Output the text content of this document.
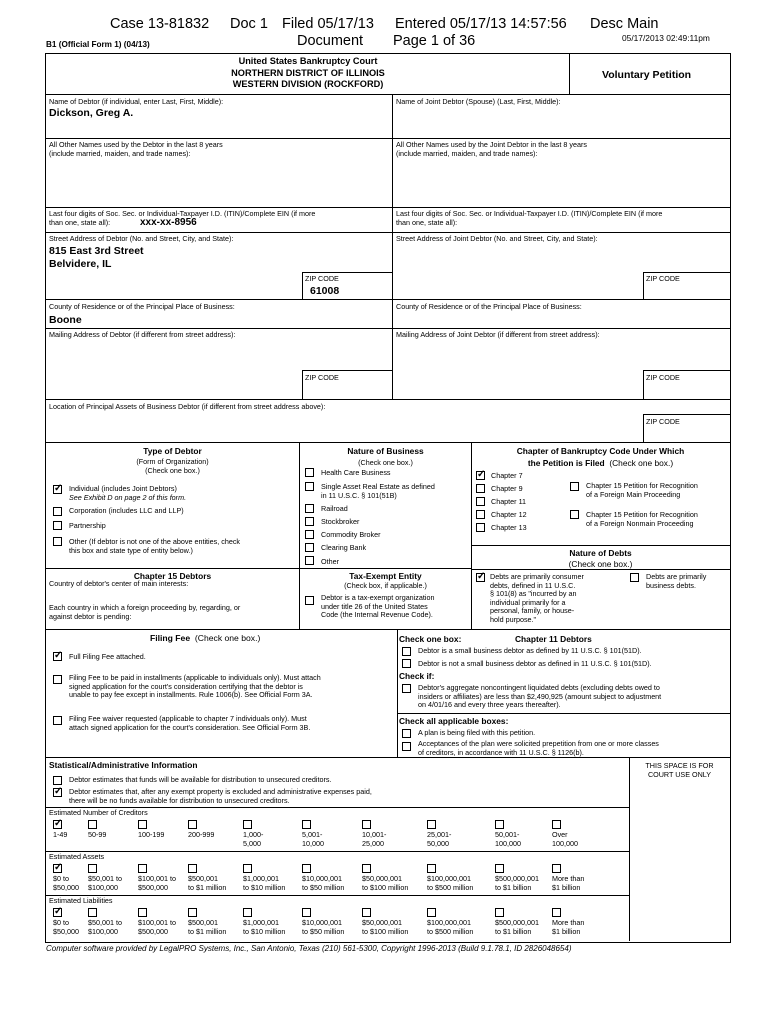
Case 13-81832 Doc 1 Filed 05/17/13 Entered 05/17/13 14:57:56 Desc Main
Document Page 1 of 36
B1 (Official Form 1) (04/13)
05/17/2013 02:49:11pm
United States Bankruptcy Court
NORTHERN DISTRICT OF ILLINOIS
WESTERN DIVISION (ROCKFORD)
Voluntary Petition
Name of Debtor (if individual, enter Last, First, Middle):
Dickson, Greg A.
Name of Joint Debtor (Spouse) (Last, First, Middle):
All Other Names used by the Debtor in the last 8 years
(include married, maiden, and trade names):
All Other Names used by the Joint Debtor in the last 8 years
(include married, maiden, and trade names):
Last four digits of Soc. Sec. or Individual-Taxpayer I.D. (ITIN)/Complete EIN (if more
than one, state all):	xxx-xx-8956
Last four digits of Soc. Sec. or Individual-Taxpayer I.D. (ITIN)/Complete EIN (if more
than one, state all):
Street Address of Debtor (No. and Street, City, and State):
815 East 3rd Street
Belvidere, IL
Street Address of Joint Debtor (No. and Street, City, and State):
ZIP CODE
61008
ZIP CODE
County of Residence or of the Principal Place of Business:
Boone
County of Residence or of the Principal Place of Business:
Mailing Address of Debtor (if different from street address):	Mailing Address of Joint Debtor (if different from street address):
ZIP CODE	ZIP CODE
Location of Principal Assets of Business Debtor (if different from street address above):
ZIP CODE
Type of Debtor
(Form of Organization)
(Check one box.)
✓
Individual (includes Joint Debtors)
See Exhibit D on page 2 of this form.
Corporation (includes LLC and LLP)
Partnership
Other (If debtor is not one of the above entities, check
this box and state type of entity below.)
Nature of Business
(Check one box.)
Health Care Business
Single Asset Real Estate as defined
in 11 U.S.C. § 101(51B)
Railroad
Stockbroker
Commodity Broker
Clearing Bank
Other
Chapter of Bankruptcy Code Under Which
the Petition is Filed (Check one box.)
✓
Chapter 7
Chapter 9
Chapter 11
Chapter 12
Chapter 13
Chapter 15 Petition for Recognition
of a Foreign Main Proceeding
Chapter 15 Petition for Recognition
of a Foreign Nonmain Proceeding
Nature of Debts
(Check one box.)
✓
Debts are primarily consumer
debts, defined in 11 U.S.C.
§ 101(8) as "incurred by an
individual primarily for a
personal, family, or house-
hold purpose."
Debts are primarily
business debts.
Chapter 15 Debtors
Country of debtor's center of main interests:
Each country in which a foreign proceeding by, regarding, or
against debtor is pending:
Tax-Exempt Entity
(Check box, if applicable.)
Debtor is a tax-exempt organization
under title 26 of the United States
Code (the Internal Revenue Code).
Filing Fee (Check one box.)
✓
Full Filing Fee attached.
Filing Fee to be paid in installments (applicable to individuals only). Must attach
signed application for the court's consideration certifying that the debtor is
unable to pay fee except in installments. Rule 1006(b). See Official Form 3A.
Filing Fee waiver requested (applicable to chapter 7 individuals only). Must
attach signed application for the court's consideration. See Official Form 3B.
Check one box:	Chapter 11 Debtors
Debtor is a small business debtor as defined by 11 U.S.C. § 101(51D).
Debtor is not a small business debtor as defined in 11 U.S.C. § 101(51D).
Check if:
Debtor's aggregate noncontingent liquidated debts (excluding debts owed to
insiders or affiliates) are less than $2,490,925 (amount subject to adjustment
on 4/01/16 and every three years thereafter).
Check all applicable boxes:
A plan is being filed with this petition.
Acceptances of the plan were solicited prepetition from one or more classes
of creditors, in accordance with 11 U.S.C. § 1126(b).
Statistical/Administrative Information	THIS SPACE IS FOR
COURT USE ONLY
Debtor estimates that funds will be available for distribution to unsecured creditors.
✓
Debtor estimates that, after any exempt property is excluded and administrative expenses paid,
there will be no funds available for distribution to unsecured creditors.
Estimated Number of Creditors
✓
1-49	50-99	100-199	200-999	1,000-
5,000
5,001-
10,000
10,001-
25,000
25,001-
50,000
50,001-
100,000
Over
100,000
Estimated Assets
✓
$0 to
$50,000
$50,001 to
$100,000
$100,001 to
$500,000
$500,001
to $1 million
$1,000,001
to $10 million
$10,000,001
to $50 million
$50,000,001
to $100 million
$100,000,001
to $500 million
$500,000,001
to $1 billion
More than
$1 billion
Estimated Liabilities
✓
$0 to
$50,000
$50,001 to
$100,000
$100,001 to
$500,000
$500,001
to $1 million
$1,000,001
to $10 million
$10,000,001
to $50 million
$50,000,001
to $100 million
$100,000,001
to $500 million
$500,000,001
to $1 billion
More than
$1 billion
Computer software provided by LegalPRO Systems, Inc., San Antonio, Texas (210) 561-5300, Copyright 1996-2013 (Build 9.1.78.1, ID 2826048654)
